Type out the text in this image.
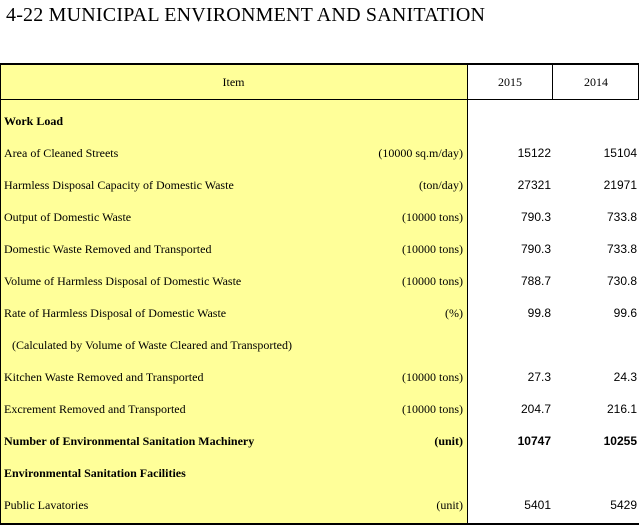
4-22 MUNICIPAL ENVIRONMENT AND SANITATION
Item	2015	2014
Work Load
Area of Cleaned Streets	(10000 sq.m/day)	15122	15104
Harmless Disposal Capacity of Domestic Waste	(ton/day)	27321	21971
Output of Domestic Waste	(10000 tons)	790.3	733.8
Domestic Waste Removed and Transported	(10000 tons)	790.3	733.8
Volume of Harmless Disposal of Domestic Waste	(10000 tons)	788.7	730.8
Rate of Harmless Disposal of Domestic Waste	(%)	99.8	99.6
(Calculated by Volume of Waste Cleared and Transported)
Kitchen Waste Removed and Transported	(10000 tons)	27.3	24.3
Excrement Removed and Transported	(10000 tons)	204.7	216.1
Number of Environmental Sanitation Machinery	(unit)	10747	10255
Environmental Sanitation Facilities
Public Lavatories	(unit)	5401	5429
